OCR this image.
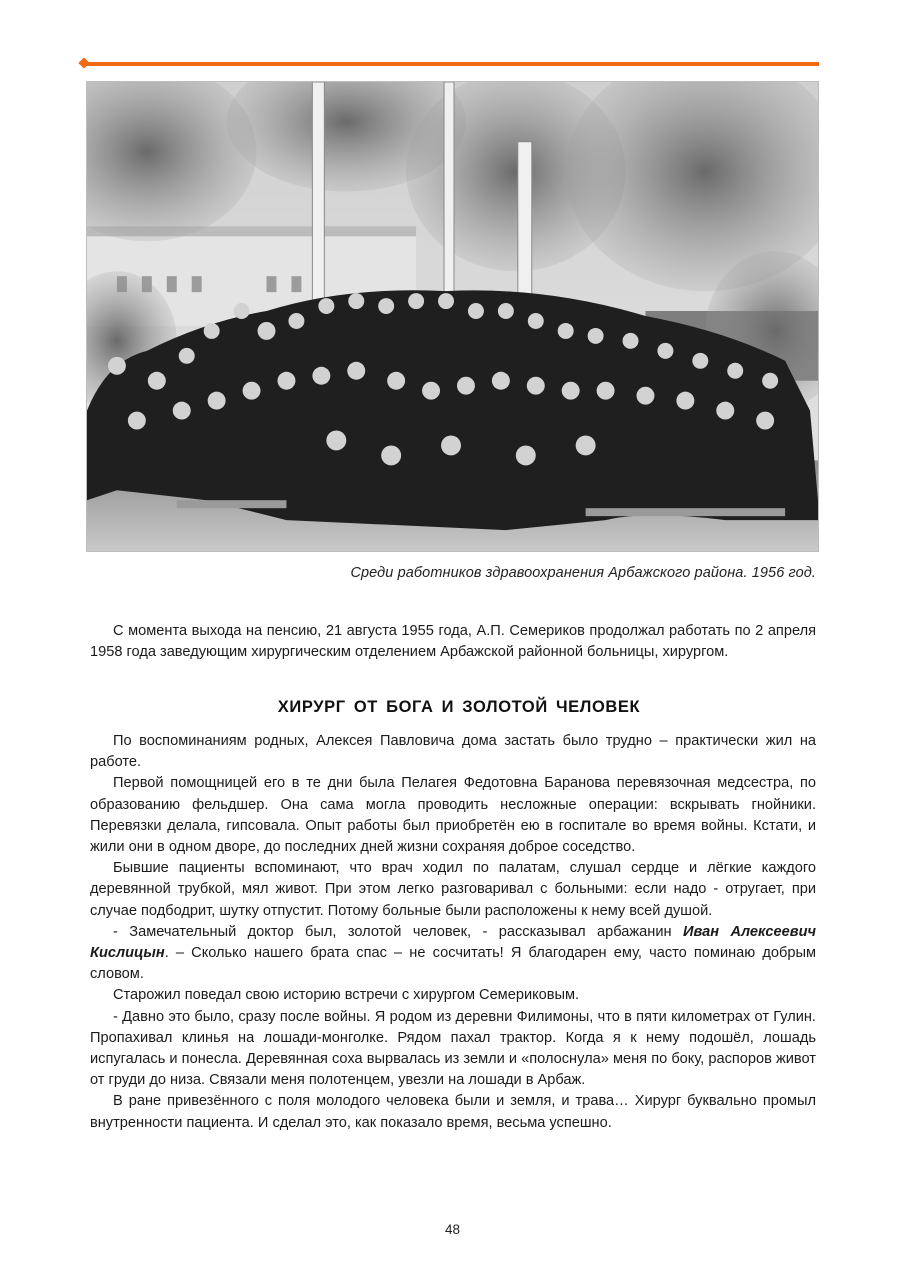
Среди работников здравоохранения Арбажского района. 1956 год.

С момента выхода на пенсию, 21 августа 1955 года, А.П. Семериков продолжал работать по 2 апреля 1958 года заведующим хирургическим отделением Арбажской районной больницы, хирургом.

ХИРУРГ ОТ БОГА И ЗОЛОТОЙ ЧЕЛОВЕК

По воспоминаниям родных, Алексея Павловича дома застать было трудно – практически жил на работе.

Первой помощницей его в те дни была Пелагея Федотовна Баранова перевязочная медсестра, по образованию фельдшер. Она сама могла проводить несложные операции: вскрывать гнойники. Перевязки делала, гипсовала. Опыт работы был приобретён ею в госпитале во время войны. Кстати, и жили они в одном дворе, до последних дней жизни сохраняя доброе соседство.

Бывшие пациенты вспоминают, что врач ходил по палатам, слушал сердце и лёгкие каждого деревянной трубкой, мял живот. При этом легко разговаривал с больными: если надо - отругает, при случае подбодрит, шутку отпустит. Потому больные были расположены к нему всей душой.

- Замечательный доктор был, золотой человек, - рассказывал арбажанин Иван Алексеевич Кислицын. – Сколько нашего брата спас – не сосчитать! Я благодарен ему, часто поминаю добрым словом.

Старожил поведал свою историю встречи с хирургом Семериковым.

- Давно это было, сразу после войны. Я родом из деревни Филимоны, что в пяти километрах от Гулин. Пропахивал клинья на лошади-монголке. Рядом пахал трактор. Когда я к нему подошёл, лошадь испугалась и понесла. Деревянная соха вырвалась из земли и «полоснула» меня по боку, распоров живот от груди до низа. Связали меня полотенцем, увезли на лошади в Арбаж.

В ране привезённого с поля молодого человека были и земля, и трава… Хирург буквально промыл внутренности пациента. И сделал это, как показало время, весьма успешно.

48
